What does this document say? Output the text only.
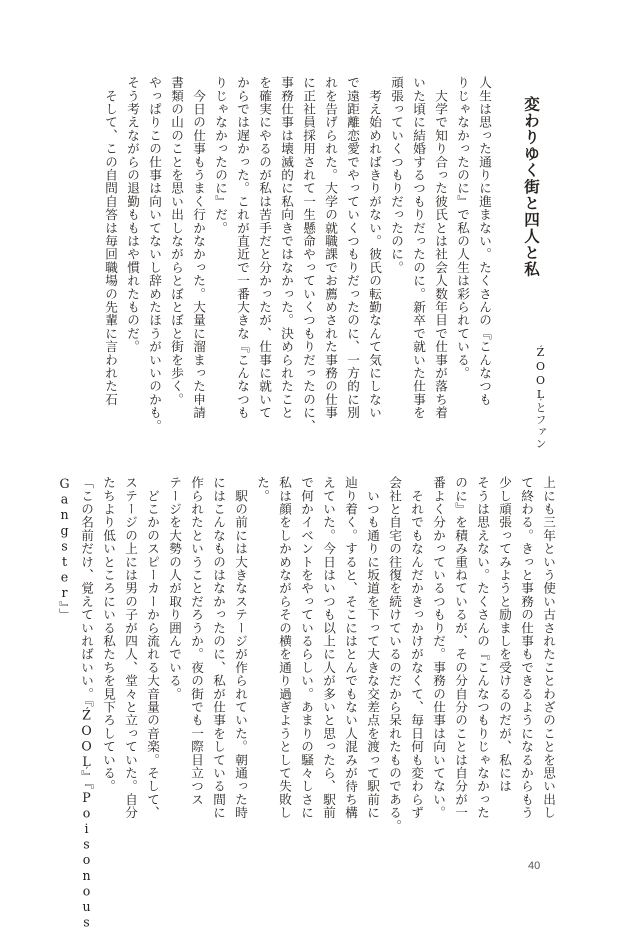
変わりゆく街と四人と私
ŹOOĻとファン

人生は思った通りに進まない。たくさんの『こんなつも

りじゃなかったのに』で私の人生は彩られている。

　大学で知り合った彼氏とは社会人数年目で仕事が落ち着

いた頃に結婚するつもりだったのに。新卒で就いた仕事を

頑張っていくつもりだったのに。

　考え始めればきりがない。彼氏の転勤なんて気にしない

で遠距離恋愛でやっていくつもりだったのに、一方的に別

れを告げられた。大学の就職課でお薦めされた事務の仕事

に正社員採用されて一生懸命やっていくつもりだったのに、

事務仕事は壊滅的に私向きではなかった。決められたこと

を確実にやるのが私は苦手だと分かったが、仕事に就いて

からでは遅かった。これが直近で一番大きな『こんなつも

りじゃなかったのに』だ。

　今日の仕事もうまく行かなかった。大量に溜まった申請

書類の山のことを思い出しながらとぼとぼと街を歩く。

やっぱりこの仕事は向いてないし辞めたほうがいいのかも。

そう考えながらの退勤ももはや慣れたものだ。

　そして、この自問自答は毎回職場の先輩に言われた石

上にも三年という使い古されたことわざのことを思い出し

て終わる。きっと事務の仕事もできるようになるからもう

少し頑張ってみようと励ましを受けるのだが、私には

そうは思えない。たくさんの『こんなつもりじゃなかった

のに』を積み重ねているが、その分自分のことは自分が一

番よく分かっているつもりだ。事務の仕事は向いてない。

　それでもなんだかきっかけがなくて、毎日何も変わらず

会社と自宅の往復を続けているのだから呆れたものである。

　いつも通りに坂道を下って大きな交差点を渡って駅前に

辿り着く。すると、そこにはとんでもない人混みが待ち構

えていた。今日はいつも以上に人が多いと思ったら、駅前

で何かイベントをやっているらしい。あまりの騒々しさに

私は顔をしかめながらその横を通り過ぎようとして失敗し

た。

　駅の前には大きなステージが作られていた。朝通った時

にはこんなものはなかったのに、私が仕事をしている間に

作られたということだろうか。夜の街でも一際目立つス

テージを大勢の人が取り囲んでいる。

　どこかのスピーカーから流れる大音量の音楽。そして、

ステージの上には男の子が四人、堂々と立っていた。自分

たちより低いところにいる私たちを見下ろしている。

「この名前だけ、覚えていればいい。『ŹOOĻ』『Poisonous

Gangster』」

40
